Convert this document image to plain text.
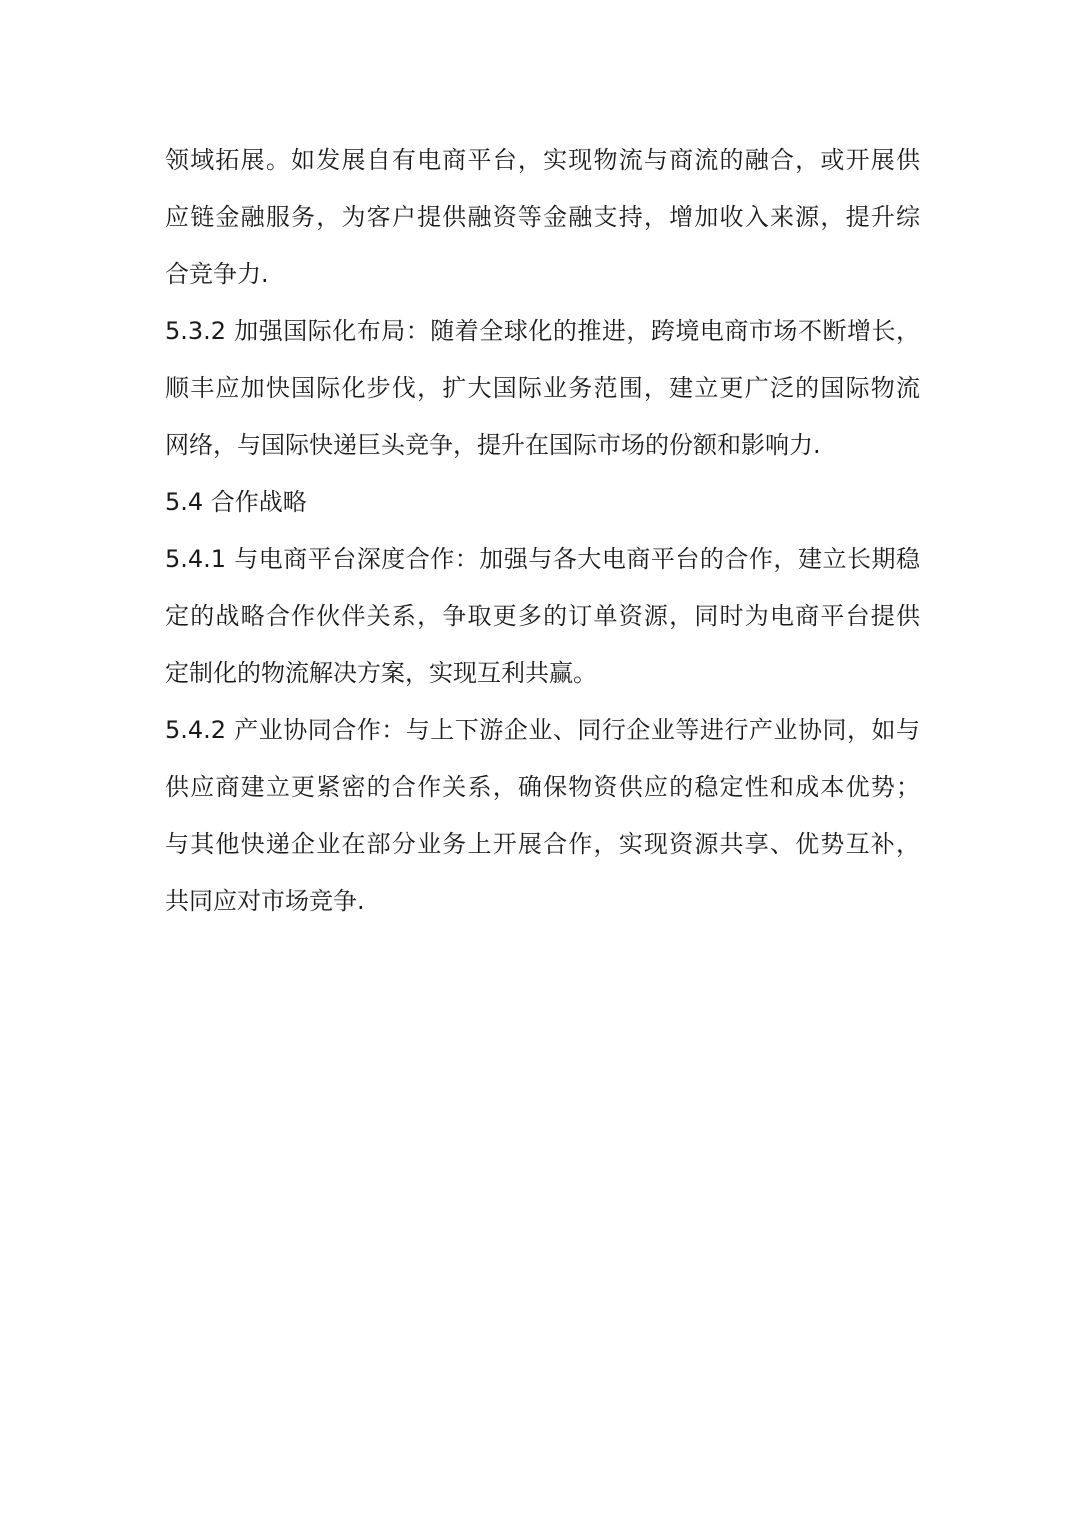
领域拓展。如发展自有电商平台，实现物流与商流的融合，或开展供
应链金融服务，为客户提供融资等金融支持，增加收入来源，提升综
合竞争力.
5.3.2 加强国际化布局：随着全球化的推进，跨境电商市场不断增长，
顺丰应加快国际化步伐，扩大国际业务范围，建立更广泛的国际物流
网络，与国际快递巨头竞争，提升在国际市场的份额和影响力.
5.4 合作战略
5.4.1 与电商平台深度合作：加强与各大电商平台的合作，建立长期稳
定的战略合作伙伴关系，争取更多的订单资源，同时为电商平台提供
定制化的物流解决方案，实现互利共赢。
5.4.2 产业协同合作：与上下游企业、同行企业等进行产业协同，如与
供应商建立更紧密的合作关系，确保物资供应的稳定性和成本优势；
与其他快递企业在部分业务上开展合作，实现资源共享、优势互补，
共同应对市场竞争.
